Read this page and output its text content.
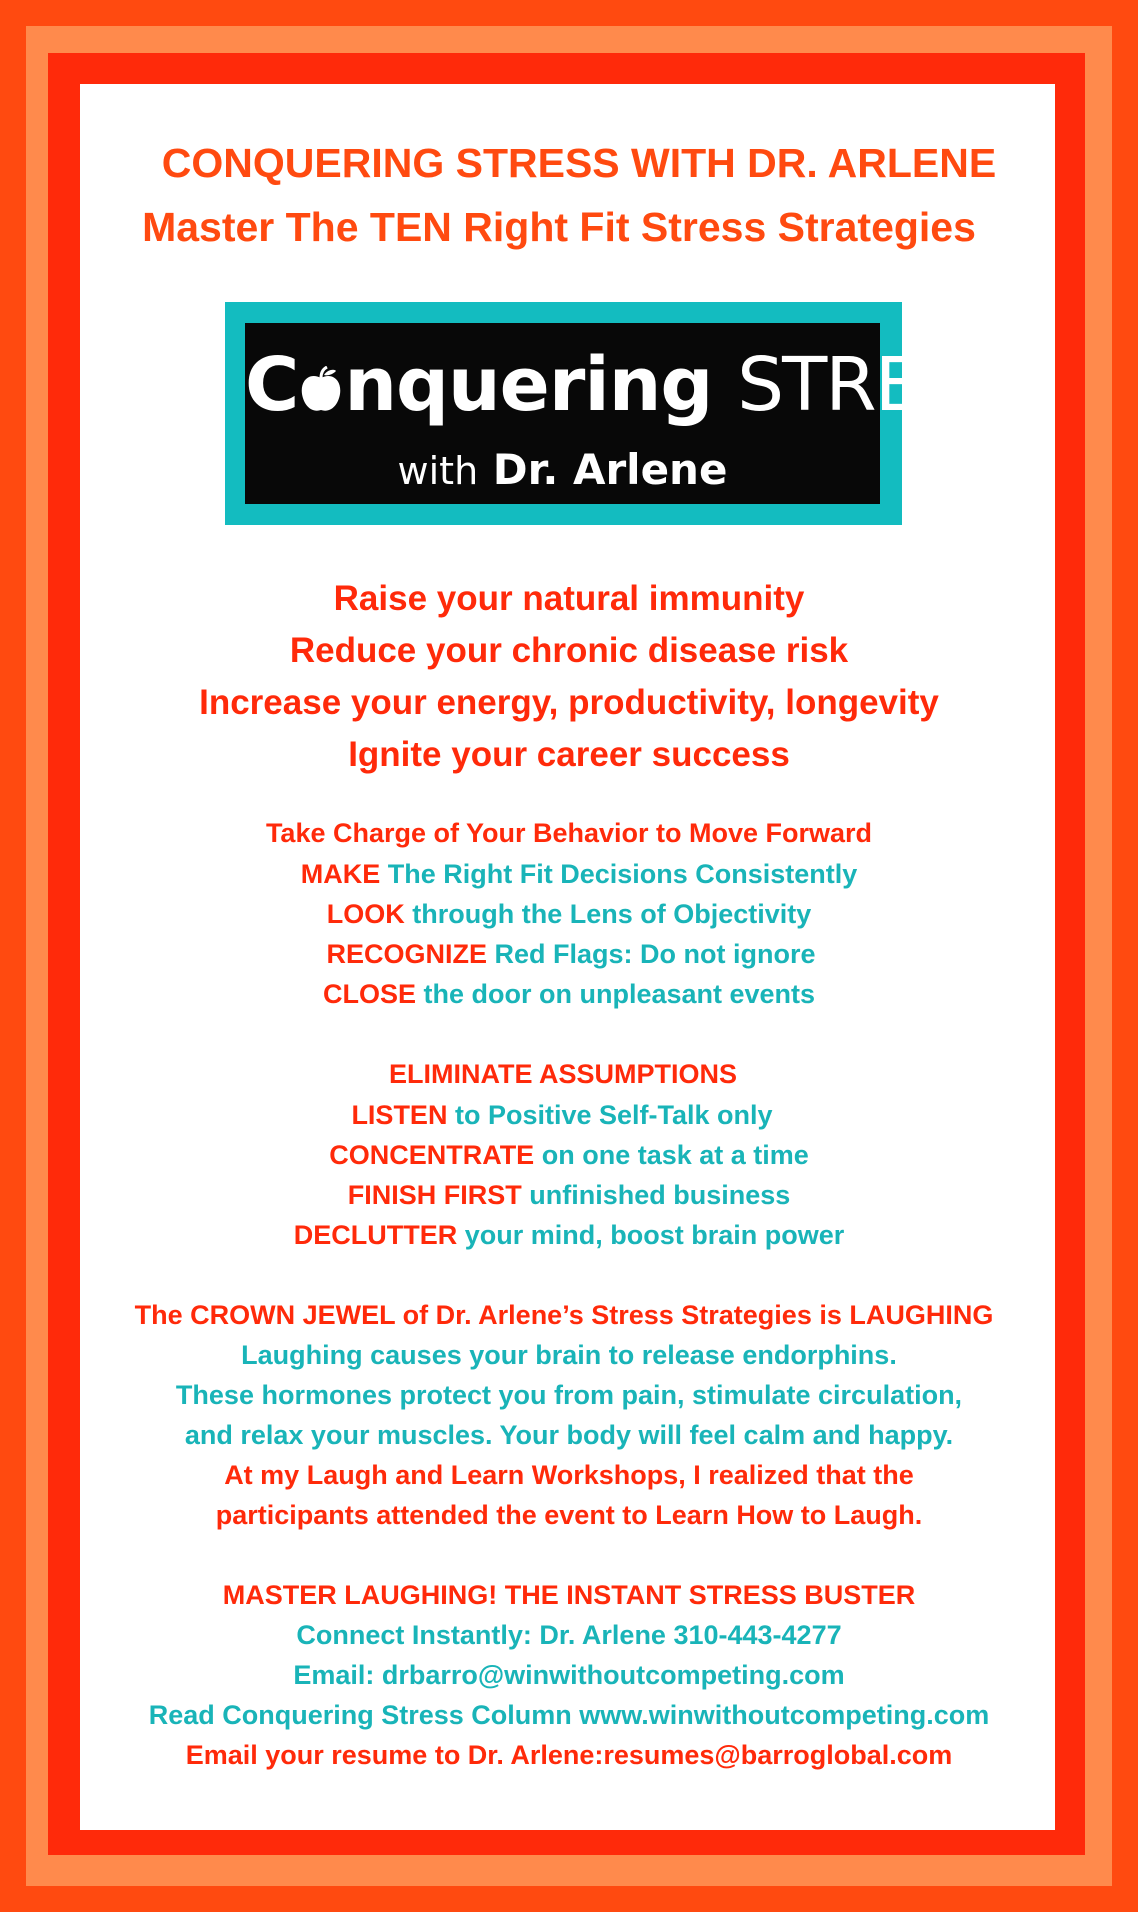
CONQUERING STRESS WITH DR. ARLENE
Master The TEN Right Fit Stress Strategies
C nquering STRESS
with Dr. Arlene
Raise your natural immunity
Reduce your chronic disease risk
Increase your energy, productivity, longevity
Ignite your career success
Take Charge of Your Behavior to Move Forward
MAKE The Right Fit Decisions Consistently
LOOK through the Lens of Objectivity
RECOGNIZE Red Flags: Do not ignore
CLOSE the door on unpleasant events
ELIMINATE ASSUMPTIONS
LISTEN to Positive Self-Talk only
CONCENTRATE on one task at a time
FINISH FIRST unfinished business
DECLUTTER your mind, boost brain power
The CROWN JEWEL of Dr. Arlene’s Stress Strategies is LAUGHING
Laughing causes your brain to release endorphins.
These hormones protect you from pain, stimulate circulation,
and relax your muscles. Your body will feel calm and happy.
At my Laugh and Learn Workshops, I realized that the
participants attended the event to Learn How to Laugh.
MASTER LAUGHING! THE INSTANT STRESS BUSTER
Connect Instantly: Dr. Arlene 310-443-4277
Email: drbarro@winwithoutcompeting.com
Read Conquering Stress Column www.winwithoutcompeting.com
Email your resume to Dr. Arlene:resumes@barroglobal.com
